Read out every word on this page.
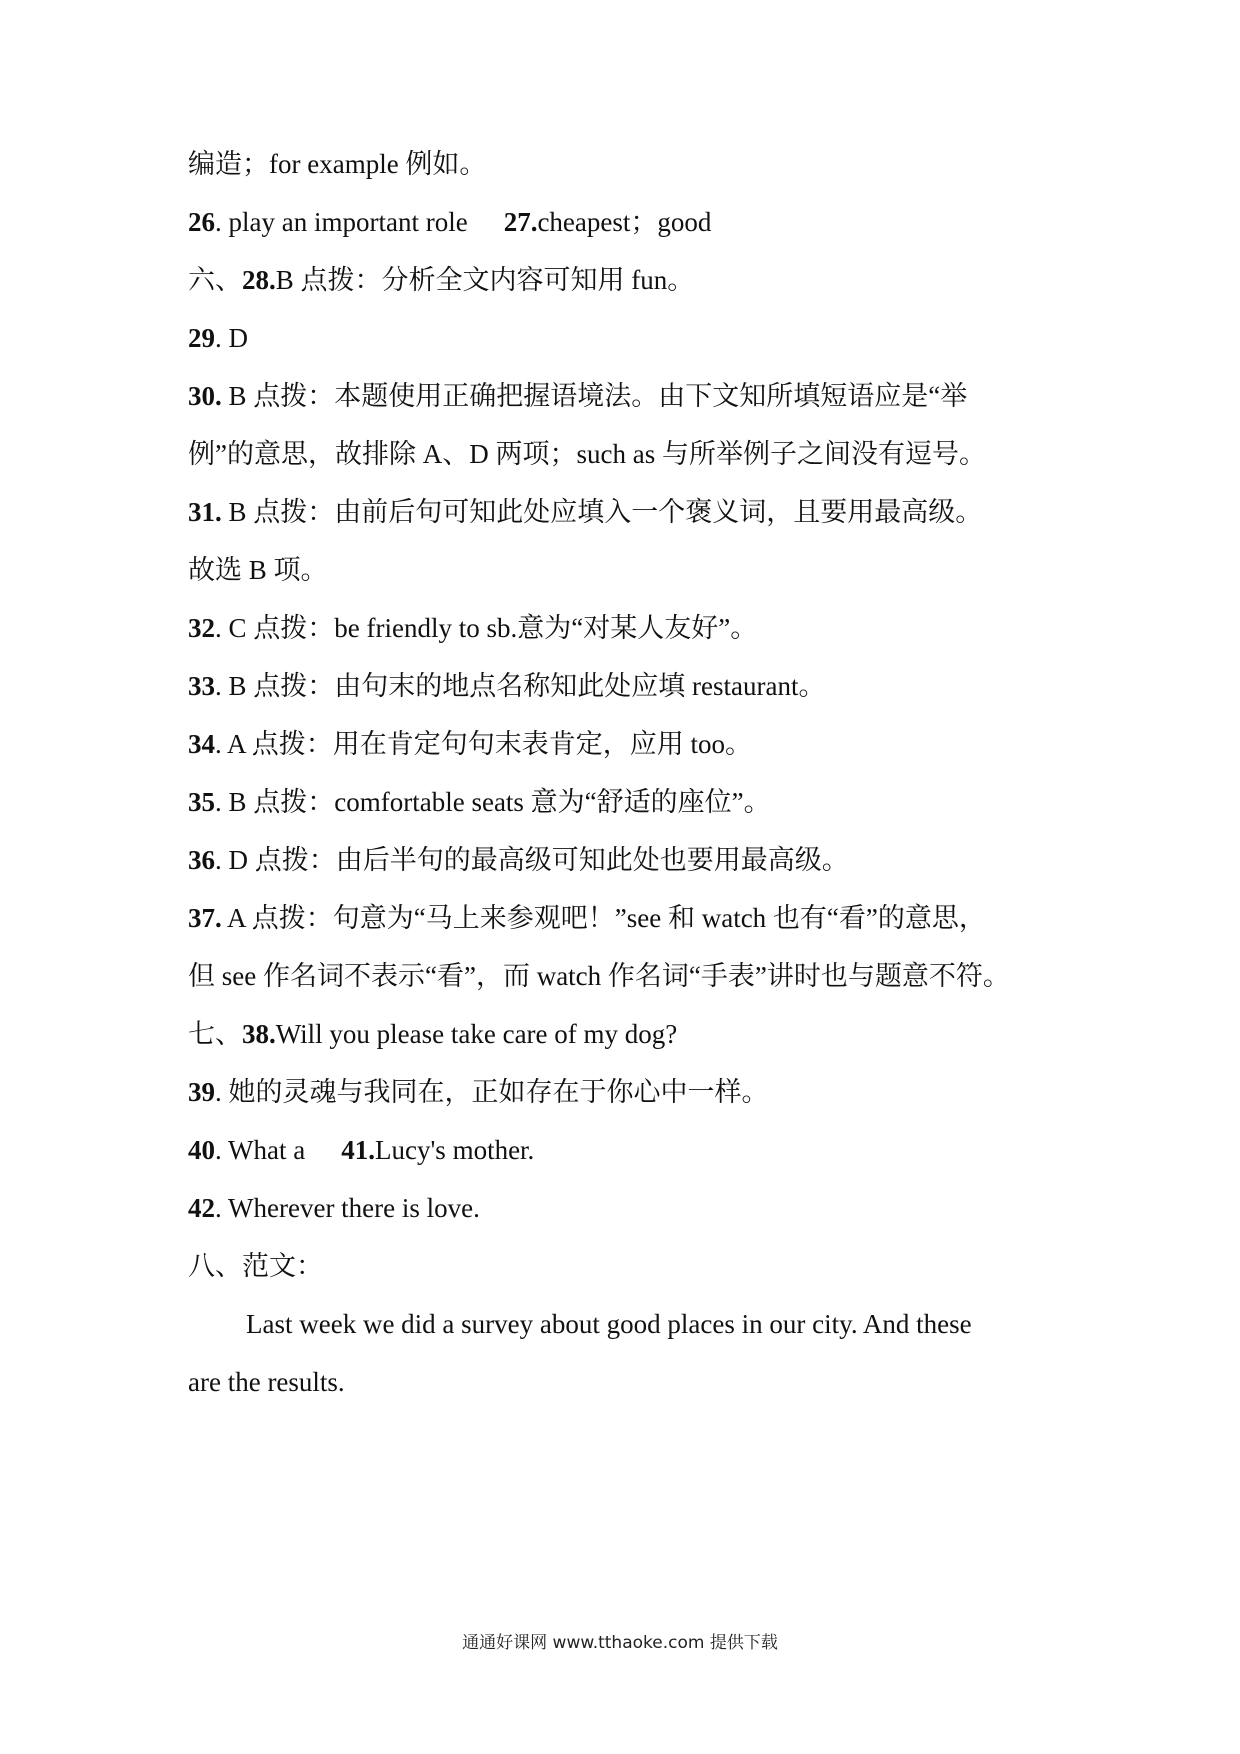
编造；for example 例如。
26. play an important role 27.cheapest；good
六、28.B 点拨：分析全文内容可知用 fun。
29. D
30. B 点拨：本题使用正确把握语境法。由下文知所填短语应是“举
例”的意思，故排除 A、D 两项；such as 与所举例子之间没有逗号。
31. B 点拨：由前后句可知此处应填入一个褒义词，且要用最高级。
故选 B 项。
32. C 点拨：be friendly to sb.意为“对某人友好”。
33. B 点拨：由句末的地点名称知此处应填 restaurant。
34. A 点拨：用在肯定句句末表肯定，应用 too。
35. B 点拨：comfortable seats 意为“舒适的座位”。
36. D 点拨：由后半句的最高级可知此处也要用最高级。
37. A 点拨：句意为“马上来参观吧！”see 和 watch 也有“看”的意思，
但 see 作名词不表示“看”，而 watch 作名词“手表”讲时也与题意不符。
七、38.Will you please take care of my dog?
39. 她的灵魂与我同在，正如存在于你心中一样。
40. What a 41.Lucy's mother.
42. Wherever there is love.
八、范文：
Last week we did a survey about good places in our city. And these
are the results.
通通好课网 www.tthaoke.com 提供下载
